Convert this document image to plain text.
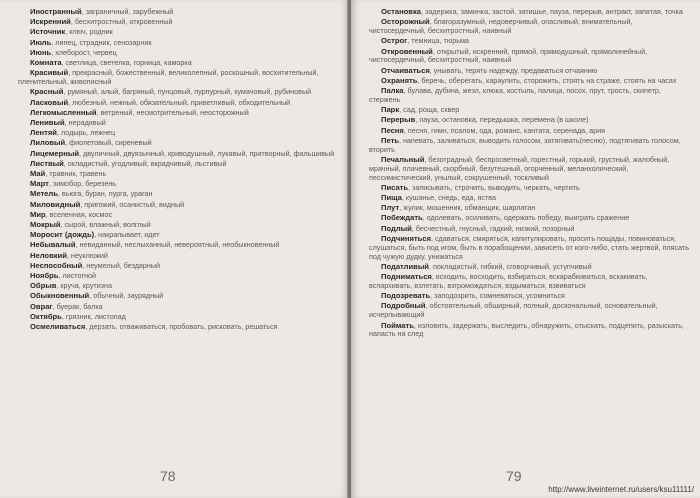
Иностранный, заграничный, зарубежный
Искренний, бесхитростный, откровенный
Источник, ключ, родник
Июль, липец, страдник, сенозарник
Июнь, хлеборост, червец
Комната, светлица, светелка, горница, каморка
Красивый, прекрасный, божественный, великолепный, роскошный, восхитительный, пленительный, живописный
Красный, румяный, алый, багряный, пунцовый, пурпурный, кумачовый, рубиновый
Ласковый, любезный, нежный, обязательный, приветливый, обходительный
Легкомысленный, ветреный, несмотрительный, неосторожный
Ленивый, нерадивый
Лентяй, лодырь, лежнец
Лиловый, фиолетовый, сиреневый
Лицемерный, двуличный, двуязычный, криводушный, лукавый, притворный, фальшивый
Листвый, окладистый, угодливый, вкрадчивый, льстивый
Май, травник, травень
Март, зимобор, березень
Метель, вьюга, буран, пурга, ураган
Миловидный, пригожий, осанистый, видный
Мир, вселенная, космос
Мокрый, сырой, влажный, волглый
Моросит (дождь), накрапывает, идет
Небывалый, невиданный, неслыханный, невероятный, необыкновенный
Неловкий, неуклюжий
Неспособный, неумелый, бездарный
Ноябрь, листогной
Обрыв, круча, крутизна
Обыкновенный, обычный, заурядный
Овраг, буерак, балка
Октябрь, грязник, листопад
Осмеливаться, дерзать, отваживаться, пробовать, рисковать, решаться
78
Остановка, задержка, заминка, застой, затишье, пауза, перерыв, антракт, запятая, точка
Осторожный, благоразумный, недоверчивый, опасливый, внимательный, чистосердечный, бесхитростный, наивный
Острог, темница, тюрьма
Откровенный, открытый, искренний, прямой, прямодушный, прямолинейный, чистосердечный, бесхитростный, наивный
Отчаиваться, унывать, терять надежду, предаваться отчаянию
Охранять, беречь, оберегать, караулить, сторожить, стоять на страже, стоять на часах
Палка, булава, дубина, жезл, клюка, костыль, палица, посох, прут, трость, скипетр, стержень
Парк, сад, роща, сквер
Перерыв, пауза, остановка, передышка, перемена (в школе)
Песня, песня, гимн, псалом, ода, романс, кантата, серенада, ария
Петь, напевать, заливаться, выводить голосом, затягивать(песню), подтягивать голосом, вторить
Печальный, безотрадный, беспросветный, горестный, горький, грустный, жалобный, мрачный, плачевный, скорбный, безутешный, огорченный, меланхолический, пессимистический, унылый, сокрушенный, тоскливый
Писать, записывать, строчить, выводить, черкать, чертить
Пища, кушанье, снедь, еда, яства
Плут, жулик, мошенник, обманщик, шарлатан
Побеждать, одолевать, осиливать, одержать победу, выиграть сражение
Подлый, бесчестный, гнусный, гадкий, низкий, позорный
Подчиняться, сдаваться, смиряться, капитулировать, просить пощады, повиноваться, слушаться, быть под игом, быть в порабощении, зависеть от кого-либо, стать жертвой, плясать под чужую дудку, унижаться
Податливый, покладистый, гибкий, сговорчивый, уступчивый
Подниматься, всходить, восходить, взбираться, вскарабкиваться, вскакивать, вспархивать, взлетать, взгромождаться, вздыматься, взвиваться
Подозревать, заподозрить, сомневаться, усомниться
Подробный, обстоятельный, обширный, полный, доскональный, основательный, исчерпывающий
Поймать, изловить, задержать, выследить, обнаружить, отыскать, подцепить, разыскать, напасть на след
79
http://www.liveinternet.ru/users/ksu11111/
